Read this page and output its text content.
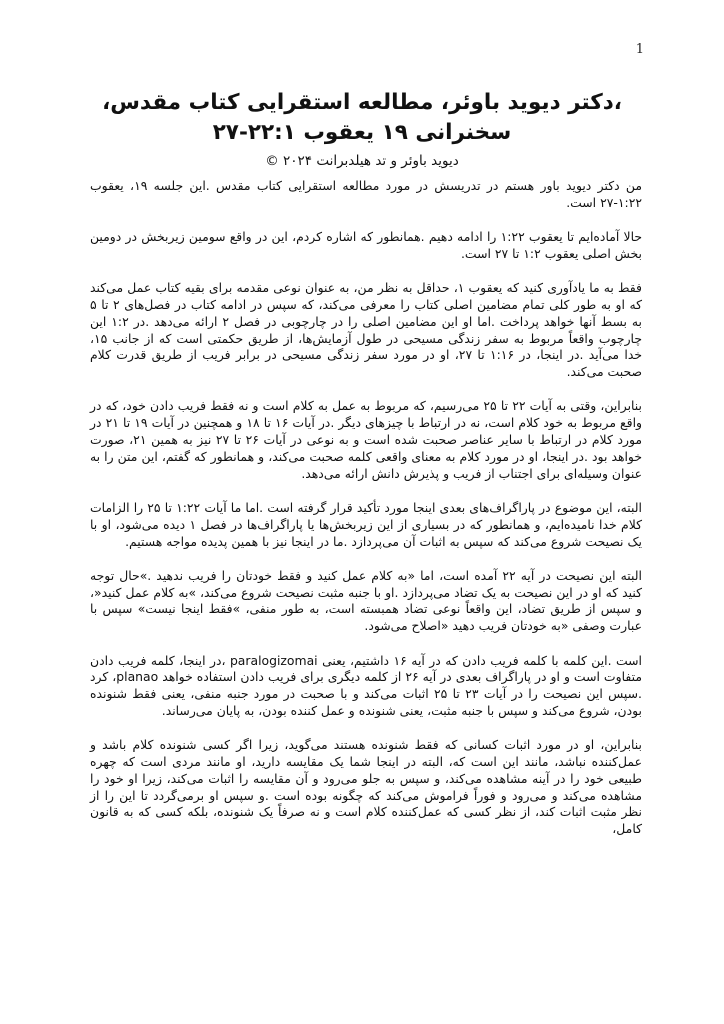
1
،دکتر دیوید باوئر، مطالعه استقرایی کتاب مقدس، سخنرانی ۱۹ یعقوب ۲۲:۱-۲۷
دیوید باوئر و تد هیلدبرانت ۲۰۲۴ ©

من دکتر دیوید باور هستم در تدریسش در مورد مطالعه استقرایی کتاب مقدس .این جلسه ۱۹، یعقوب ۱:۲۲-۲۷ است.

حالا آماده‌ایم تا یعقوب ۱:۲۲ را ادامه دهیم .همانطور که اشاره کردم، این در واقع سومین زیربخش در دومین بخش اصلی یعقوب ۱:۲ تا ۲۷ است.

فقط به ما یادآوری کنید که یعقوب ۱، حداقل به نظر من، به عنوان نوعی مقدمه برای بقیه کتاب عمل می‌کند که او به طور کلی تمام مضامین اصلی کتاب را معرفی می‌کند، که سپس در ادامه کتاب در فصل‌های ۲ تا ۵ به بسط آنها خواهد پرداخت .اما او این مضامین اصلی را در چارچوبی در فصل ۲ ارائه می‌دهد .در ۱:۲ این چارچوب واقعاً مربوط به سفر زندگی مسیحی در طول آزمایش‌ها، از طریق حکمتی است که از جانب ۱۵، خدا می‌آید .در اینجا، در ۱:۱۶ تا ۲۷، او در مورد سفر زندگی مسیحی در برابر فریب از طریق قدرت کلام صحبت می‌کند.

بنابراین، وقتی به آیات ۲۲ تا ۲۵ می‌رسیم، که مربوط به عمل به کلام است و نه فقط فریب دادن خود، که در واقع مربوط به خود کلام است، نه در ارتباط با چیزهای دیگر .در آیات ۱۶ تا ۱۸ و همچنین در آیات ۱۹ تا ۲۱ در مورد کلام در ارتباط با سایر عناصر صحبت شده است و به نوعی در آیات ۲۶ تا ۲۷ نیز به همین ۲۱، صورت خواهد بود .در اینجا، او در مورد کلام به معنای واقعی کلمه صحبت می‌کند، و همانطور که گفتم، این متن را به عنوان وسیله‌ای برای اجتناب از فریب و پذیرش دانش ارائه می‌دهد.

البته، این موضوع در پاراگراف‌های بعدی اینجا مورد تأکید قرار گرفته است .اما ما آیات ۱:۲۲ تا ۲۵ را الزامات کلام خدا نامیده‌ایم، و همانطور که در بسیاری از این زیربخش‌ها یا پاراگراف‌ها در فصل ۱ دیده می‌شود، او با یک نصیحت شروع می‌کند که سپس به اثبات آن می‌پردازد .ما در اینجا نیز با همین پدیده مواجه هستیم.

البته این نصیحت در آیه ۲۲ آمده است، اما «به کلام عمل کنید و فقط خودتان را فریب ندهید .»حال توجه کنید که او در این نصیحت به یک تضاد می‌پردازد .او با جنبه مثبت نصیحت شروع می‌کند، »به کلام عمل کنید«، و سپس از طریق تضاد، این واقعاً نوعی تضاد همبسته است، به طور منفی، »فقط اینجا نیست» سپس با عبارت وصفی «به خودتان فریب دهید «اصلاح می‌شود.

است .این کلمه با کلمه فریب دادن که در آیه ۱۶ داشتیم، یعنی paralogizomai ،در اینجا، کلمه فریب دادن متفاوت است و او در پاراگراف بعدی در آیه ۲۶ از کلمه دیگری برای فریب دادن استفاده خواهد planao، کرد .سپس این نصیحت را در آیات ۲۳ تا ۲۵ اثبات می‌کند و با صحبت در مورد جنبه منفی، یعنی فقط شنونده بودن، شروع می‌کند و سپس با جنبه مثبت، یعنی شنونده و عمل کننده بودن، به پایان می‌رساند.

بنابراین، او در مورد اثبات کسانی که فقط شنونده هستند می‌گوید، زیرا اگر کسی شنونده کلام باشد و عمل‌کننده نباشد، مانند این است که، البته در اینجا شما یک مقایسه دارید، او مانند مردی است که چهره طبیعی خود را در آینه مشاهده می‌کند، و سپس به جلو می‌رود و آن مقایسه را اثبات می‌کند، زیرا او خود را مشاهده می‌کند و می‌رود و فوراً فراموش می‌کند که چگونه بوده است .و سپس او برمی‌گردد تا این را از نظر مثبت اثبات کند، از نظر کسی که عمل‌کننده کلام است و نه صرفاً یک شنونده، بلکه کسی که به قانون کامل،
